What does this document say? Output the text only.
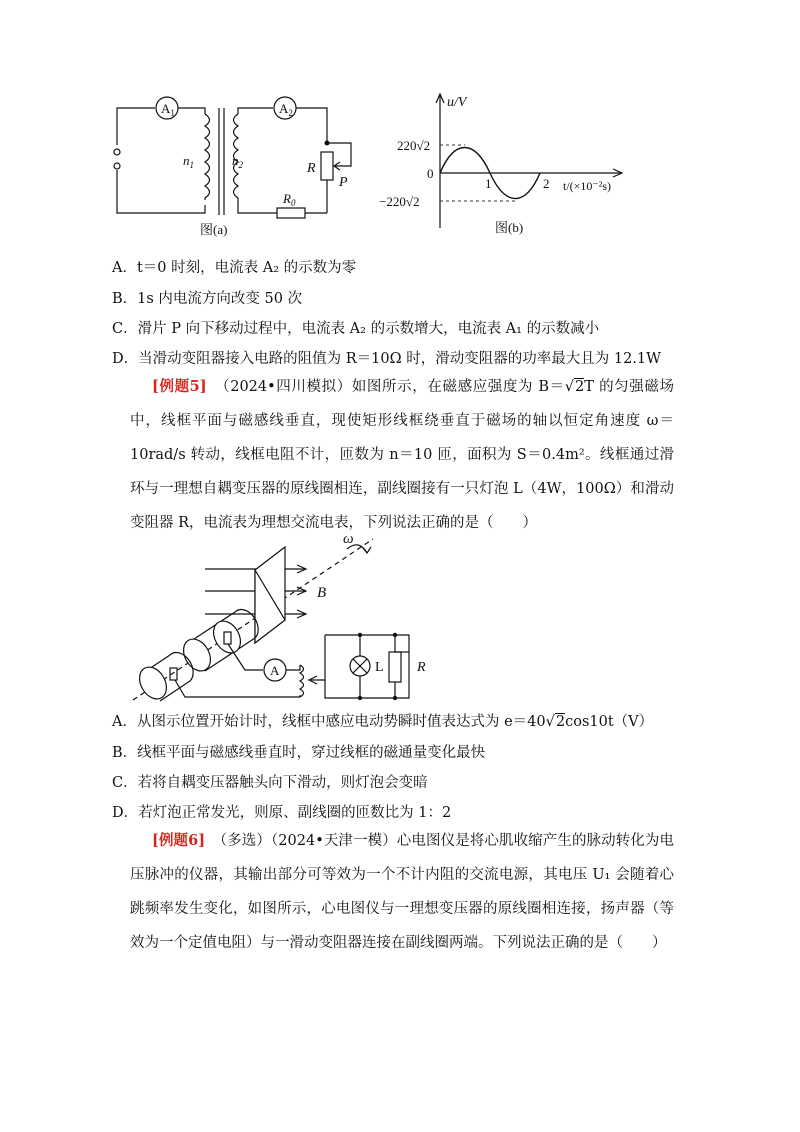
$A_1$	$A_2$
$n_1$	$n_2$	R
P
$R_0$
图(a)
u/V
220√2
0
−220√2
1	2 t/(×10⁻²s)
图(b)
A．t＝0 时刻，电流表 A₂ 的示数为零
B．1s 内电流方向改变 50 次
C．滑片 P 向下移动过程中，电流表 A₂ 的示数增大，电流表 A₁ 的示数减小
D．当滑动变阻器接入电路的阻值为 R＝10Ω 时，滑动变阻器的功率最大且为 12.1W
[例题5]　 （2024•四川模拟）如图所示，在磁感应强度为 B＝√2T 的匀强磁场中，线框平面与磁感线垂直，现使矩形线框绕垂直于磁场的轴以恒定角速度 ω＝10rad/s 转动，线框电阻不计，匝数为 n＝10 匝，面积为 S＝0.4m²。线框通过滑环与一理想自耦变压器的原线圈相连，副线圈接有一只灯泡 L（4W，100Ω）和滑动变阻器 R，电流表为理想交流电表，下列说法正确的是（　　）
ω
B
A	L R
A．从图示位置开始计时，线框中感应电动势瞬时值表达式为 e＝40√2cos10t（V）
B．线框平面与磁感线垂直时，穿过线框的磁通量变化最快
C．若将自耦变压器触头向下滑动，则灯泡会变暗
D．若灯泡正常发光，则原、副线圈的匝数比为 1：2
[例题6]　 （多选）（2024•天津一模）心电图仪是将心肌收缩产生的脉动转化为电压脉冲的仪器，其输出部分可等效为一个不计内阻的交流电源，其电压 U₁ 会随着心跳频率发生变化，如图所示，心电图仪与一理想变压器的原线圈相连接，扬声器（等效为一个定值电阻）与一滑动变阻器连接在副线圈两端。下列说法正确的是（　　）
